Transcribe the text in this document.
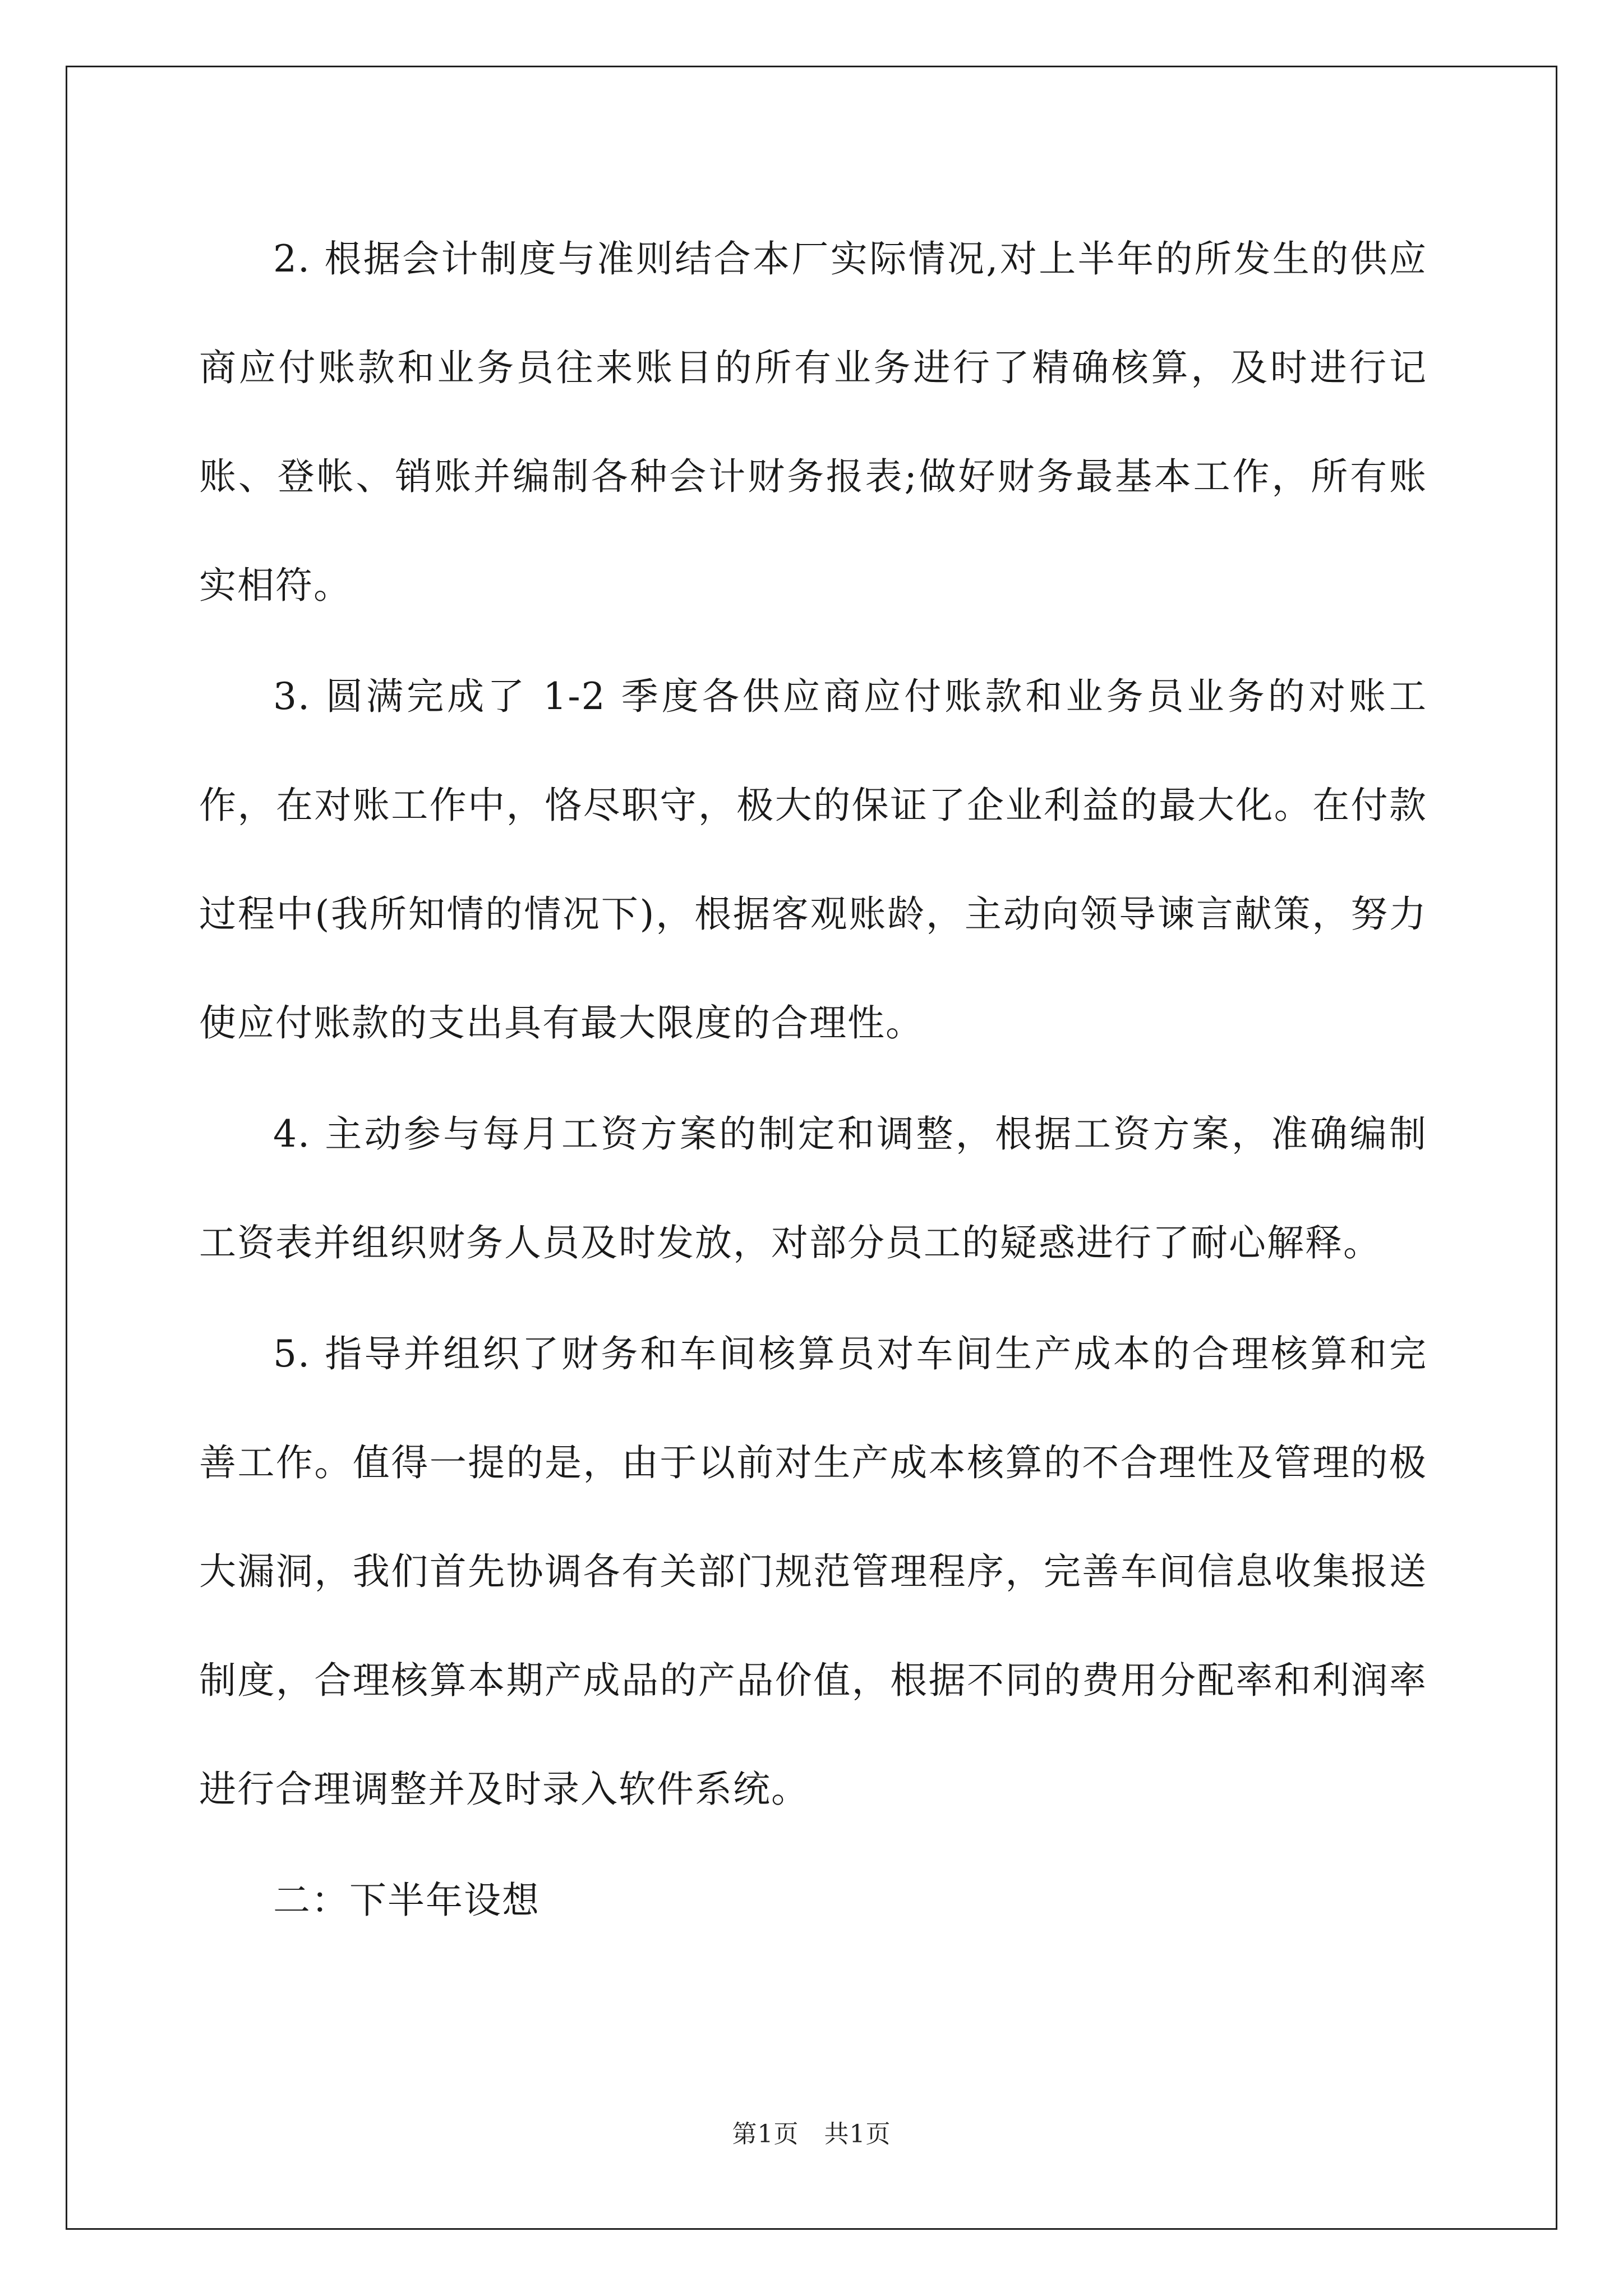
2. 根据会计制度与准则结合本厂实际情况,对上半年的所发生的供应商应付账款和业务员往来账目的所有业务进行了精确核算，及时进行记账、登帐、销账并编制各种会计财务报表;做好财务最基本工作，所有账实相符。

3. 圆满完成了 1-2 季度各供应商应付账款和业务员业务的对账工作，在对账工作中，恪尽职守，极大的保证了企业利益的最大化。在付款过程中(我所知情的情况下)，根据客观账龄，主动向领导谏言献策，努力使应付账款的支出具有最大限度的合理性。

4. 主动参与每月工资方案的制定和调整，根据工资方案，准确编制工资表并组织财务人员及时发放，对部分员工的疑惑进行了耐心解释。

5. 指导并组织了财务和车间核算员对车间生产成本的合理核算和完善工作。值得一提的是，由于以前对生产成本核算的不合理性及管理的极大漏洞，我们首先协调各有关部门规范管理程序，完善车间信息收集报送制度，合理核算本期产成品的产品价值，根据不同的费用分配率和利润率进行合理调整并及时录入软件系统。

二：下半年设想

第1页　共1页
